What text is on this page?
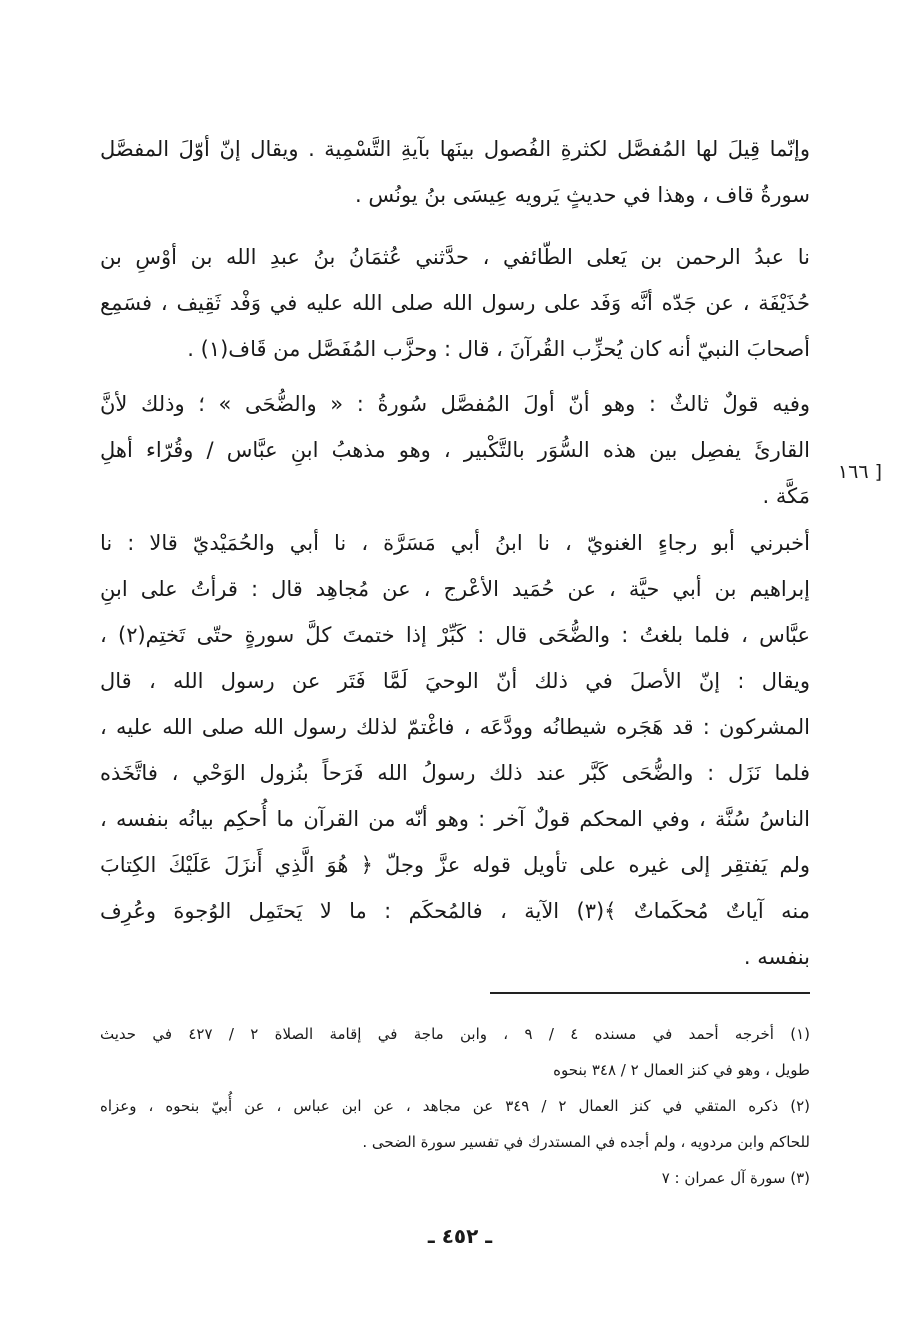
وإنّما قِيلَ لها المُفصَّل لكثرةِ الفُصول بينَها بآيةِ التَّسْمِية . ويقال إنّ أوّلَ المفصَّل
سورةُ قاف ، وهذا في حديثٍ يَرويه عِيسَى بنُ يونُس .
نا عبدُ الرحمن بن يَعلى الطّائفي ، حدَّثني عُثمَانُ بنُ عبدِ الله بن أوْسِ بن
حُذَيْفَة ، عن جَدّه أنَّه وَفَد على رسول الله صلى الله عليه في وَفْد ثَقِيف ، فسَمِع
أصحابَ النبيّ أنه كان يُحزِّب القُرآنَ ، قال : وحزَّب المُفَصَّل من قَاف(١) .
وفيه قولٌ ثالثٌ : وهو أنّ أولَ المُفصَّل سُورةُ : « والضُّحَى » ؛ وذلك لأنَّ
القارئَ يفصِل بين هذه السُّوَر بالتَّكْبير ، وهو مذهبُ ابنِ عبَّاس / وقُرّاء أهلِ
مَكَّة .
[ ١٦٦
أخبرني أبو رجاءٍ الغنويّ ، نا ابنُ أبي مَسَرَّة ، نا أبي والحُمَيْديّ قالا : نا
إبراهيم بن أبي حيَّة ، عن حُمَيد الأعْرج ، عن مُجاهِد قال : قرأتُ على ابنِ
عبَّاس ، فلما بلغتُ : والضُّحَى قال : كَبِّرْ إذا ختمتَ كلَّ سورةٍ حتّى تَختِم(٢) ،
ويقال : إنّ الأصلَ في ذلك أنّ الوحيَ لَمَّا فَتَر عن رسول الله ، قال
المشركون : قد هَجَره شيطانُه وودَّعَه ، فاغْتمّ لذلك رسول الله صلى الله عليه ،
فلما نَزَل : والضُّحَى كَبَّر عند ذلك رسولُ الله فَرَحاً بنُزول الوَحْي ، فاتَّخَذه
الناسُ سُنَّة ، وفي المحكم قولٌ آخر : وهو أنّه من القرآن ما أُحكِم بيانُه بنفسه ،
ولم يَفتقِر إلى غيره على تأويل قوله عزَّ وجلّ ﴿ هُوَ الَّذِي أَنزَلَ عَلَيْكَ الكِتابَ
منه آياتٌ مُحكَماتٌ ﴾(٣) الآية ، فالمُحكَم : ما لا يَحتَمِل الوُجوهَ وعُرِف
بنفسه .
(١) أخرجه أحمد في مسنده ٤ / ٩ ، وابن ماجة في إقامة الصلاة ٢ / ٤٢٧ في حديث
طويل ، وهو في كنز العمال ٢ / ٣٤٨ بنحوه
(٢) ذكره المتقي في كنز العمال ٢ / ٣٤٩ عن مجاهد ، عن ابن عباس ، عن أُبيّ بنحوه ، وعزاه
للحاكم وابن مردويه ، ولم أجده في المستدرك في تفسير سورة الضحى .
(٣) سورة آل عمران : ٧
ـ ٤٥٢ ـ
